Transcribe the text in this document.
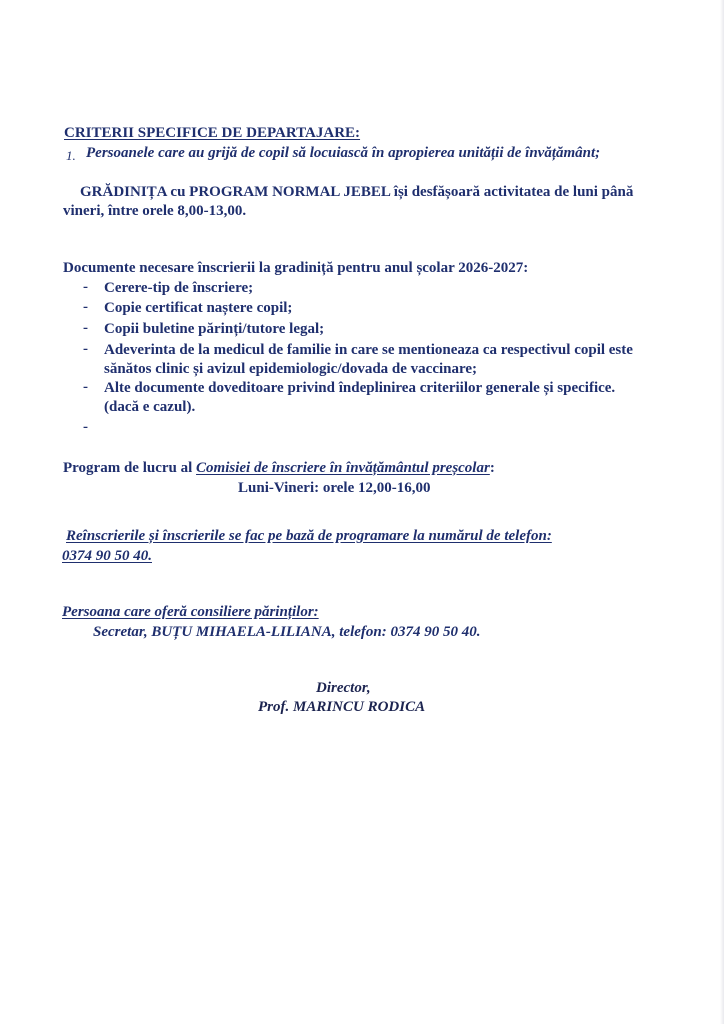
CRITERII SPECIFICE DE DEPARTAJARE:
1. Persoanele care au grijă de copil să locuiască în apropierea unității de învățământ;
GRĂDINIȚA cu PROGRAM NORMAL JEBEL își desfășoară activitatea de luni până
vineri, între orele 8,00-13,00.
Documente necesare înscrierii la gradiniță pentru anul școlar 2026-2027:
- Cerere-tip de înscriere;
- Copie certificat naștere copil;
- Copii buletine părinți/tutore legal;
- Adeverinta de la medicul de familie in care se mentioneaza ca respectivul copil este
sănătos clinic și avizul epidemiologic/dovada de vaccinare;
- Alte documente doveditoare privind îndeplinirea criteriilor generale și specifice.
(dacă e cazul).
-
Program de lucru al Comisiei de înscriere în învățământul preșcolar:
Luni-Vineri: orele 12,00-16,00
Reînscrierile și înscrierile se fac pe bază de programare la numărul de telefon:
0374 90 50 40.
Persoana care oferă consiliere părinților:
Secretar, BUȚU MIHAELA-LILIANA, telefon: 0374 90 50 40.
Director,
Prof. MARINCU RODICA
